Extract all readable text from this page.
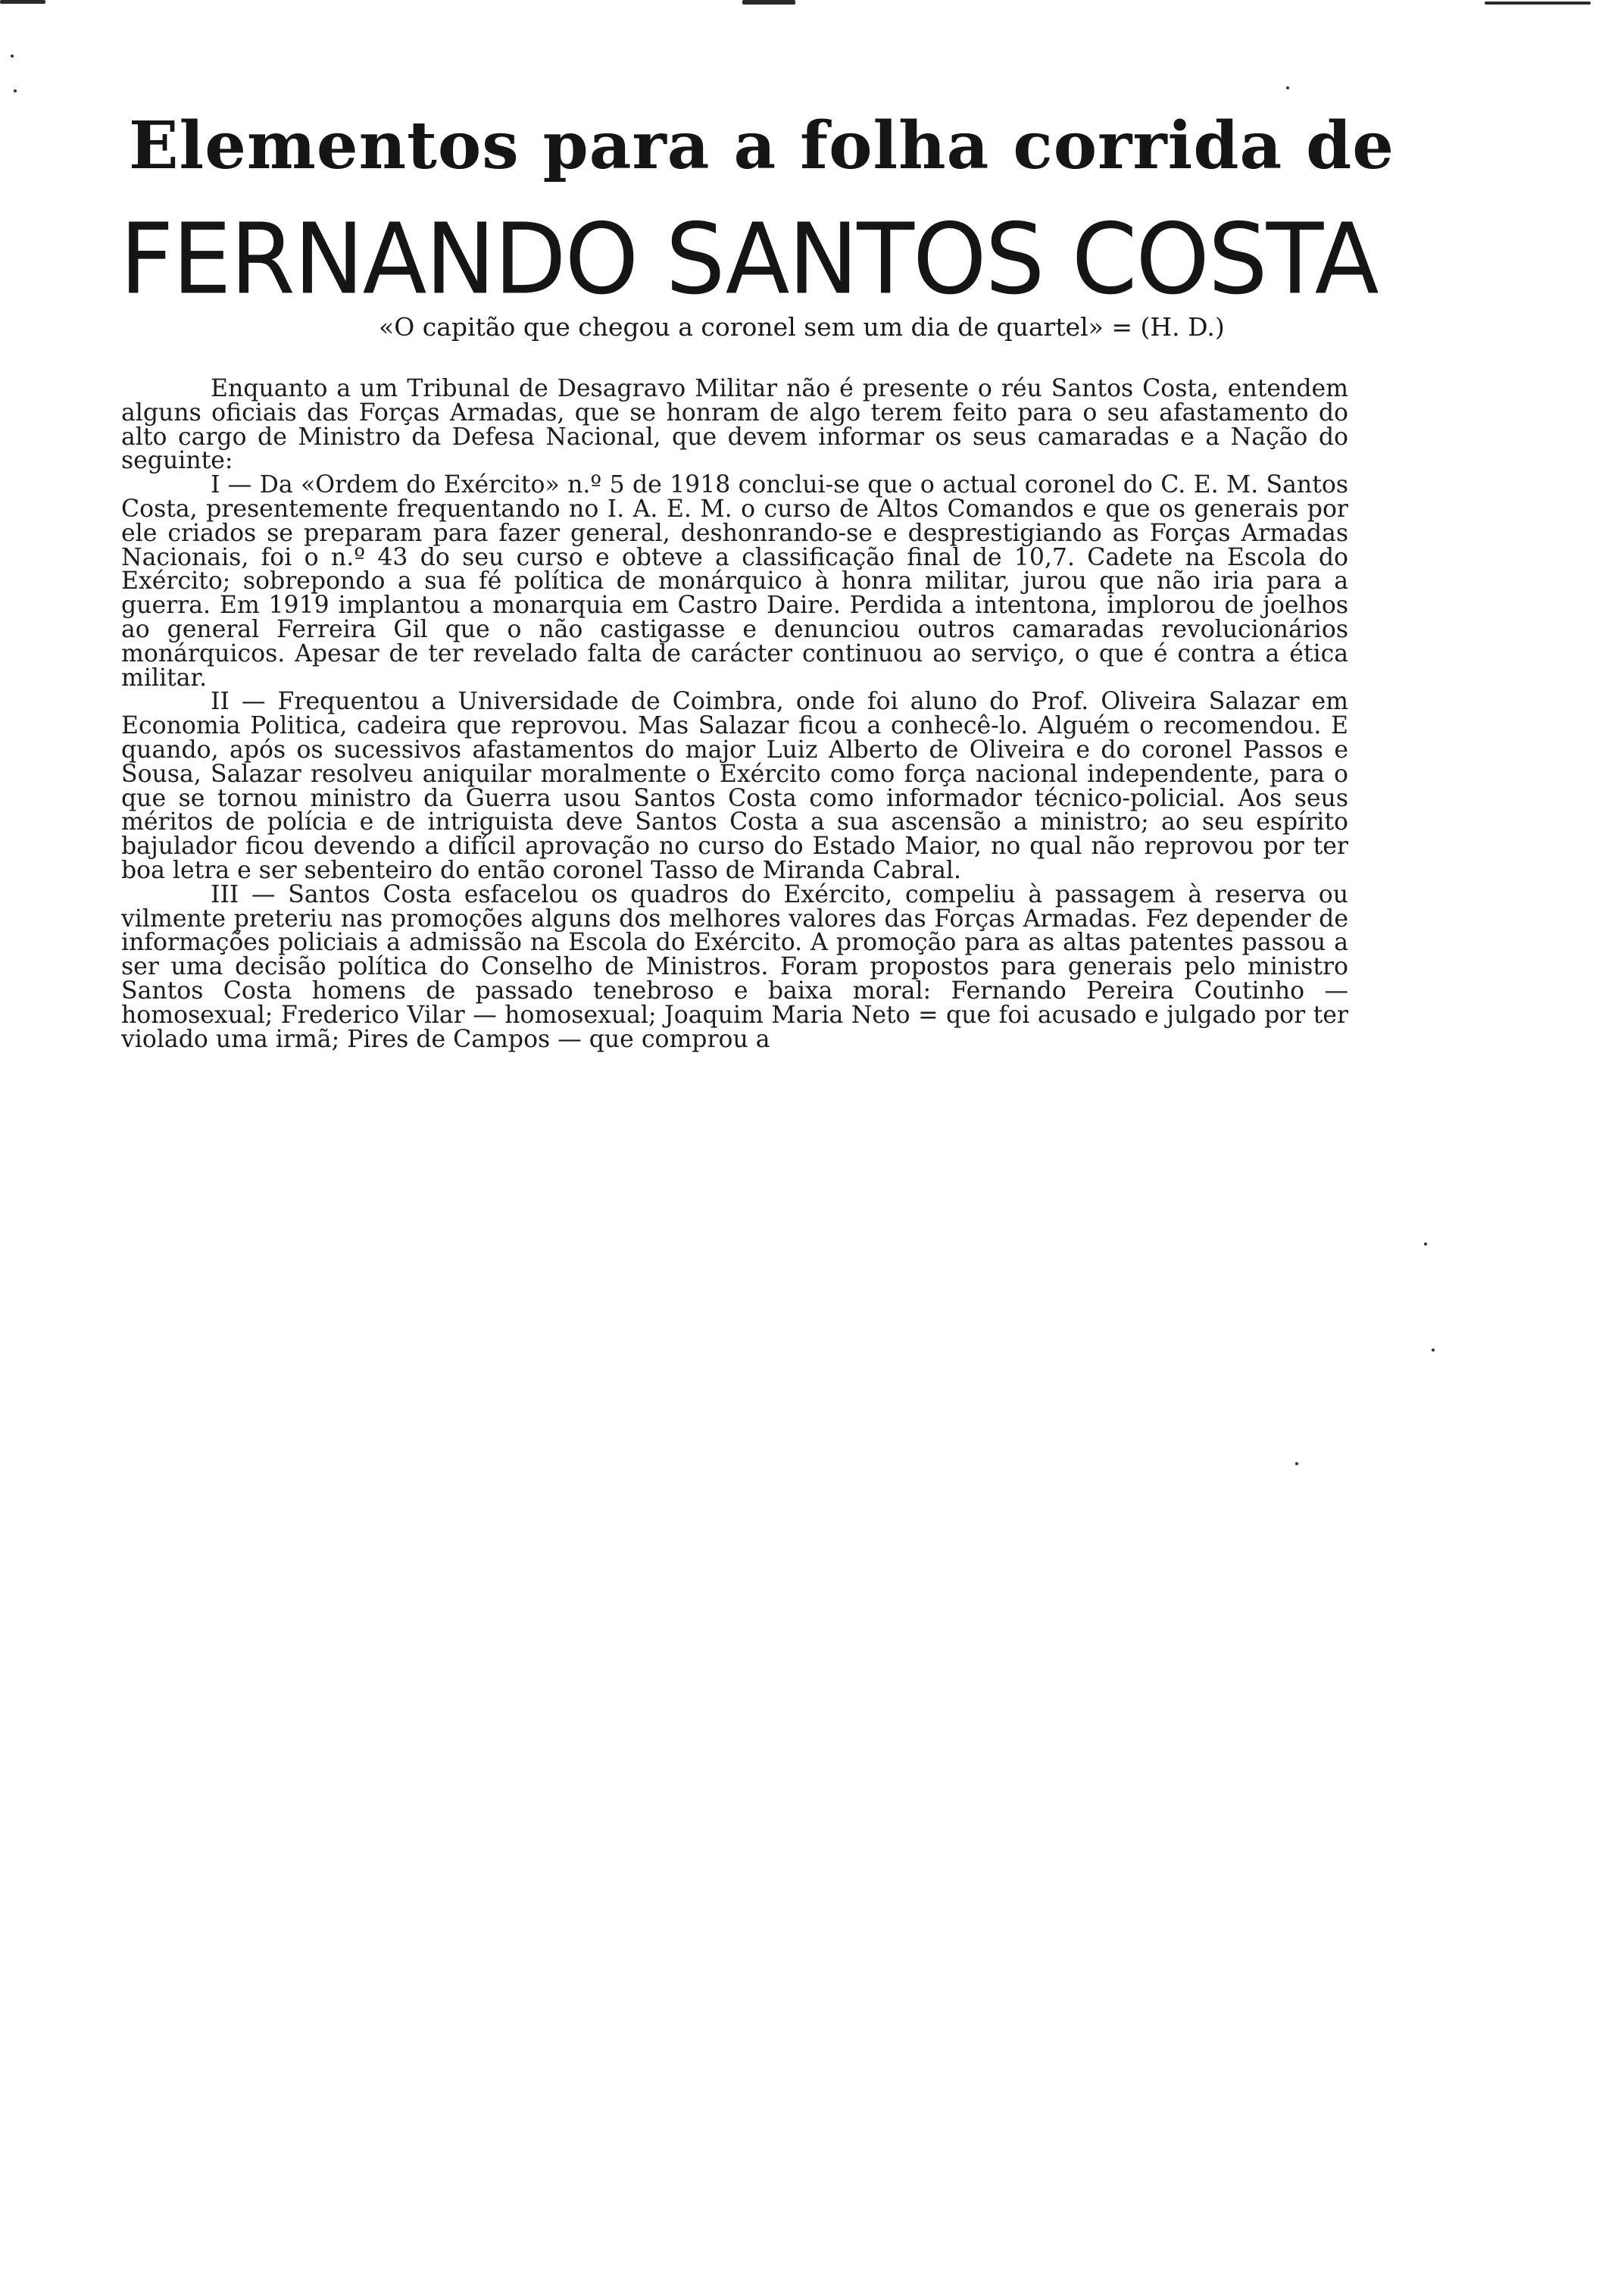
Elementos para a folha corrida de
FERNANDO SANTOS COSTA
«O capitão que chegou a coronel sem um dia de quartel» = (H. D.)

Enquanto a um Tribunal de Desagravo Militar não é presente o réu Santos Costa, entendem alguns oficiais das Forças Armadas, que se honram de algo terem feito para o seu afastamento do alto cargo de Ministro da Defesa Nacional, que devem informar os seus camaradas e a Nação do seguinte:

I — Da «Ordem do Exército» n.º 5 de 1918 conclui-se que o actual coronel do C. E. M. Santos Costa, presentemente frequentando no I. A. E. M. o curso de Altos Comandos e que os generais por ele criados se preparam para fazer general, deshonrando-se e desprestigiando as Forças Armadas Nacionais, foi o n.º 43 do seu curso e obteve a classificação final de 10,7. Cadete na Escola do Exército; sobrepondo a sua fé política de monárquico à honra militar, jurou que não iria para a guerra. Em 1919 implantou a monarquia em Castro Daire. Perdida a intentona, implorou de joelhos ao general Ferreira Gil que o não castigasse e denunciou outros camaradas revolucionários monárquicos. Apesar de ter revelado falta de carácter continuou ao serviço, o que é contra a ética militar.

II — Frequentou a Universidade de Coimbra, onde foi aluno do Prof. Oliveira Salazar em Economia Politica, cadeira que reprovou. Mas Salazar ficou a conhecê-lo. Alguém o recomendou. E quando, após os sucessivos afastamentos do major Luiz Alberto de Oliveira e do coronel Passos e Sousa, Salazar resolveu aniquilar moralmente o Exército como força nacional independente, para o que se tornou ministro da Guerra usou Santos Costa como informador técnico-policial. Aos seus méritos de polícia e de intriguista deve Santos Costa a sua ascensão a ministro; ao seu espírito bajulador ficou devendo a difícil aprovação no curso do Estado Maior, no qual não reprovou por ter boa letra e ser sebenteiro do então coronel Tasso de Miranda Cabral.

III — Santos Costa esfacelou os quadros do Exército, compeliu à passagem à reserva ou vilmente preteriu nas promoções alguns dos melhores valores das Forças Armadas. Fez depender de informações policiais a admissão na Escola do Exército. A promoção para as altas patentes passou a ser uma decisão política do Conselho de Ministros. Foram propostos para generais pelo ministro Santos Costa homens de passado tenebroso e baixa moral: Fernando Pereira Coutinho — homosexual; Frederico Vilar — homosexual; Joaquim Maria Neto = que foi acusado e julgado por ter violado uma irmã; Pires de Campos — que comprou a
